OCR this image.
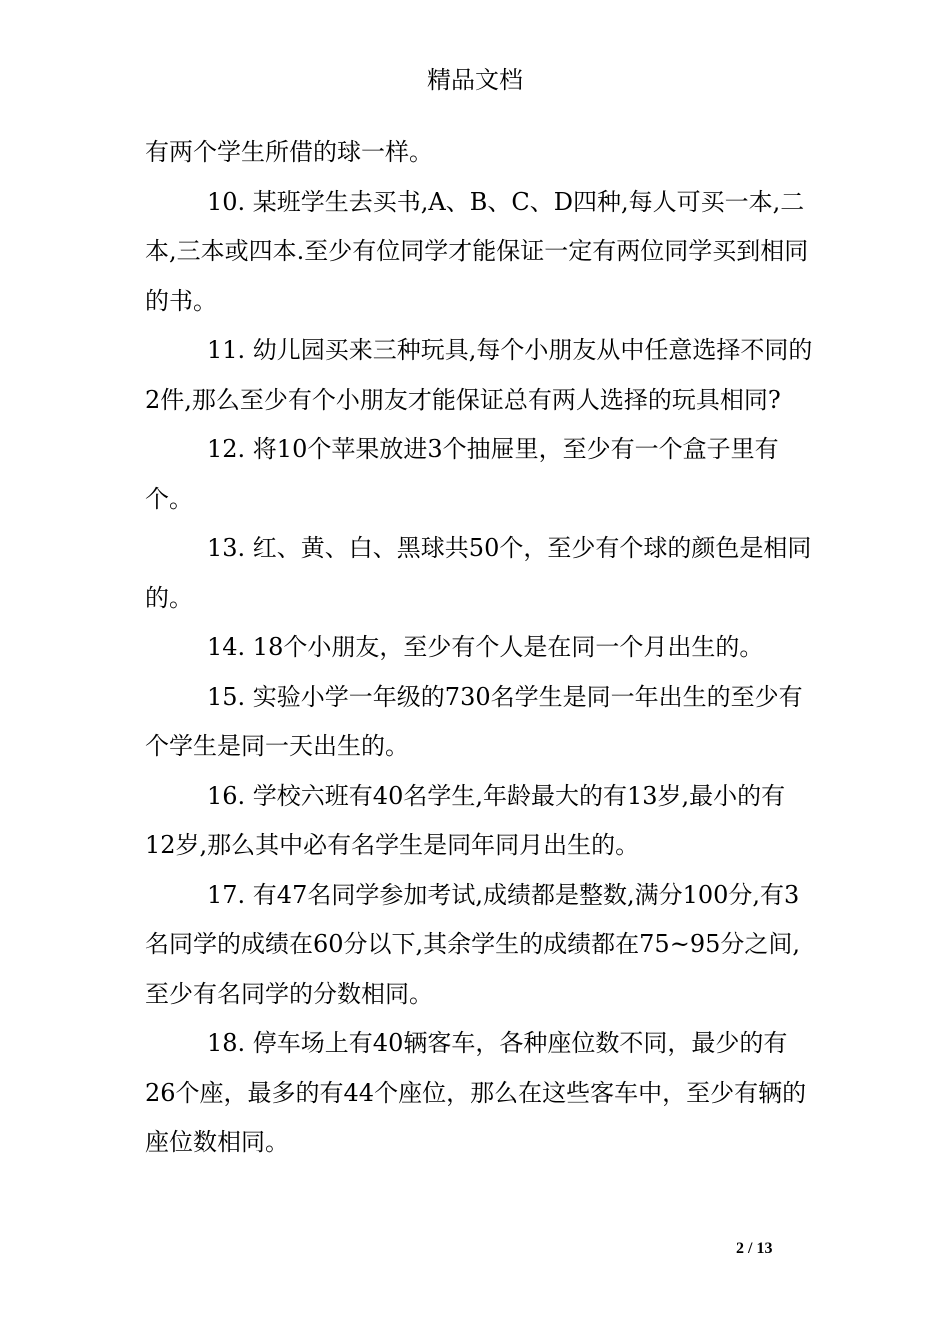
精品文档

有两个学生所借的球一样。

10. 某班学生去买书,A、B、C、D四种,每人可买一本,二本,三本或四本.至少有位同学才能保证一定有两位同学买到相同的书。

11. 幼儿园买来三种玩具,每个小朋友从中任意选择不同的2件,那么至少有个小朋友才能保证总有两人选择的玩具相同?

12. 将10个苹果放进3个抽屉里，至少有一个盒子里有个。

13. 红、黄、白、黑球共50个，至少有个球的颜色是相同的。

14. 18个小朋友，至少有个人是在同一个月出生的。

15. 实验小学一年级的730名学生是同一年出生的至少有个学生是同一天出生的。

16. 学校六班有40名学生,年龄最大的有13岁,最小的有12岁,那么其中必有名学生是同年同月出生的。

17. 有47名同学参加考试,成绩都是整数,满分100分,有3名同学的成绩在60分以下,其余学生的成绩都在75~95分之间,至少有名同学的分数相同。

18. 停车场上有40辆客车，各种座位数不同，最少的有26个座，最多的有44个座位，那么在这些客车中，至少有辆的座位数相同。

2 / 13
